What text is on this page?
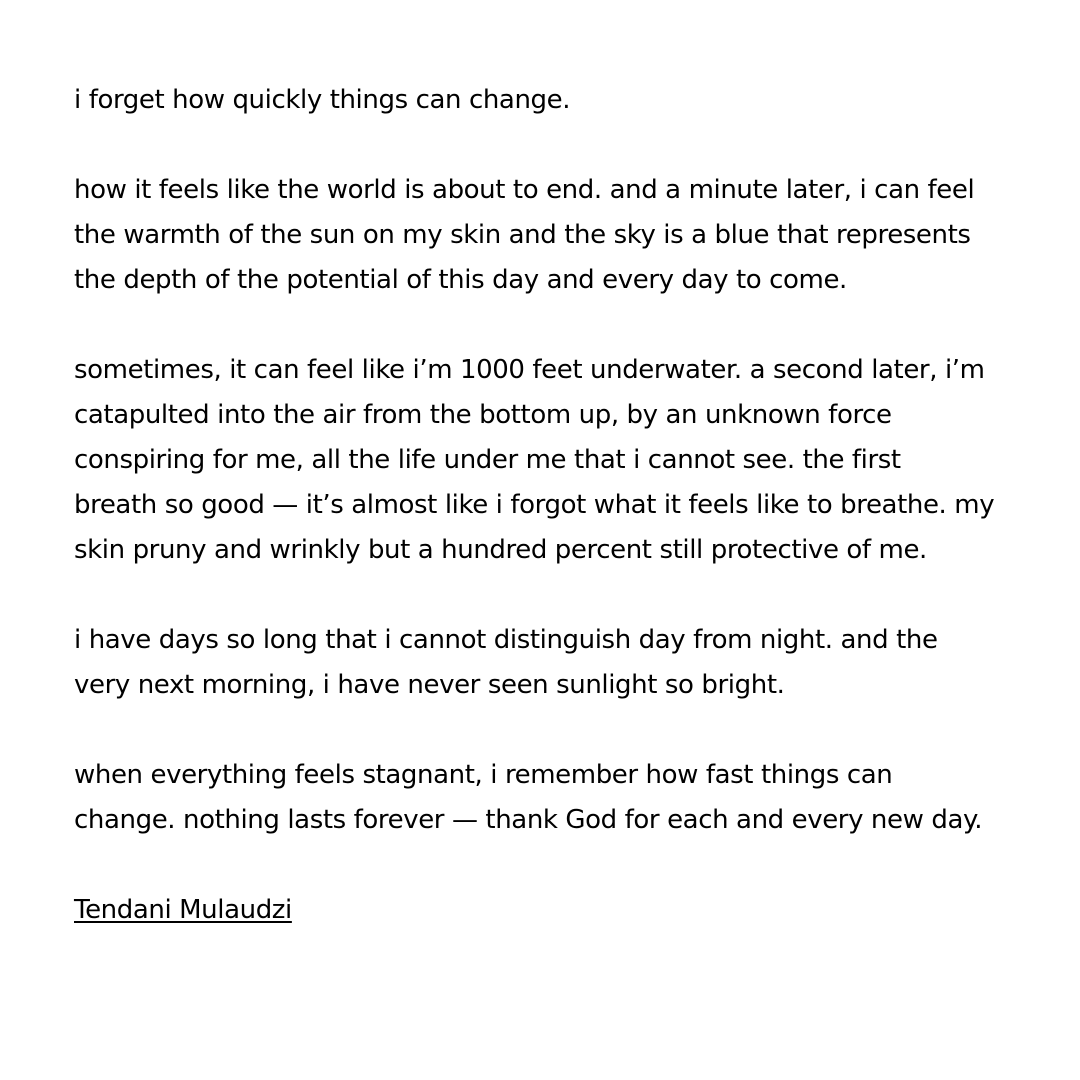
i forget how quickly things can change.
how it feels like the world is about to end. and a minute later, i can feel
the warmth of the sun on my skin and the sky is a blue that represents
the depth of the potential of this day and every day to come.
sometimes, it can feel like i’m 1000 feet underwater. a second later, i’m
catapulted into the air from the bottom up, by an unknown force
conspiring for me, all the life under me that i cannot see. the first
breath so good — it’s almost like i forgot what it feels like to breathe. my
skin pruny and wrinkly but a hundred percent still protective of me.
i have days so long that i cannot distinguish day from night. and the
very next morning, i have never seen sunlight so bright.
when everything feels stagnant, i remember how fast things can
change. nothing lasts forever — thank God for each and every new day.
Tendani Mulaudzi
